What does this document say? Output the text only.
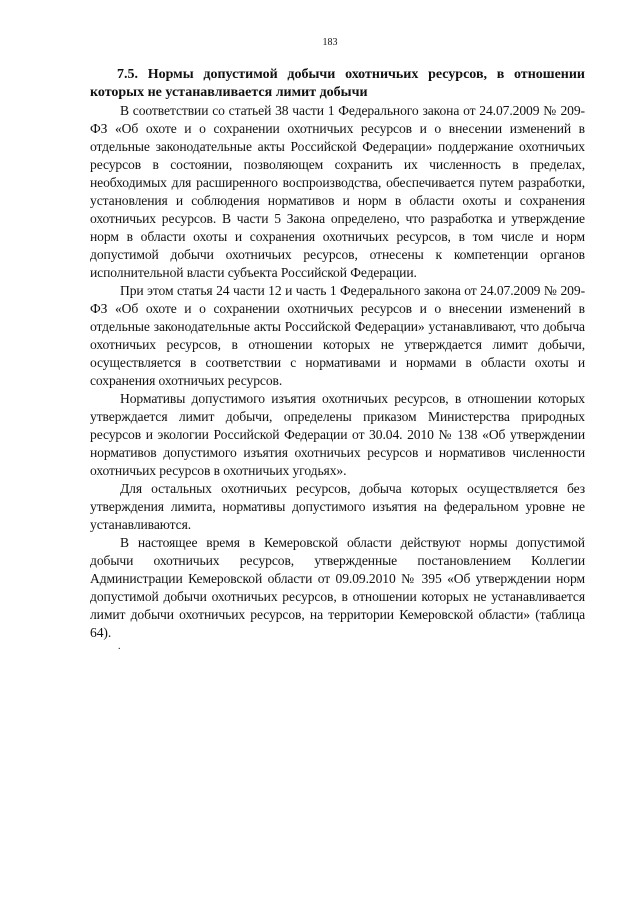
183
7.5. Нормы допустимой добычи охотничьих ресурсов, в отношении которых не устанавливается лимит добычи

В соответствии со статьей 38 части 1 Федерального закона от 24.07.2009 № 209-ФЗ «Об охоте и о сохранении охотничьих ресурсов и о внесении изменений в отдельные законодательные акты Российской Федерации» поддержание охотничьих ресурсов в состоянии, позволяющем сохранить их численность в пределах, необходимых для расширенного воспроизводства, обеспечивается путем разработки, установления и соблюдения нормативов и норм в области охоты и сохранения охотничьих ресурсов. В части 5 Закона определено, что разработка и утверждение норм в области охоты и сохранения охотничьих ресурсов, в том числе и норм допустимой добычи охотничьих ресурсов, отнесены к компетенции органов исполнительной власти субъекта Российской Федерации.

При этом статья 24 части 12 и часть 1 Федерального закона от 24.07.2009 № 209-ФЗ «Об охоте и о сохранении охотничьих ресурсов и о внесении изменений в отдельные законодательные акты Российской Федерации» устанавливают, что добыча охотничьих ресурсов, в отношении которых не утверждается лимит добычи, осуществляется в соответствии с нормативами и нормами в области охоты и сохранения охотничьих ресурсов.

Нормативы допустимого изъятия охотничьих ресурсов, в отношении которых утверждается лимит добычи, определены приказом Министерства природных ресурсов и экологии Российской Федерации от 30.04. 2010 № 138 «Об утверждении нормативов допустимого изъятия охотничьих ресурсов и нормативов численности охотничьих ресурсов в охотничьих угодьях».

Для остальных охотничьих ресурсов, добыча которых осуществляется без утверждения лимита, нормативы допустимого изъятия на федеральном уровне не устанавливаются.

В настоящее время в Кемеровской области действуют нормы допустимой добычи охотничьих ресурсов, утвержденные постановлением Коллегии Администрации Кемеровской области от 09.09.2010 № 395 «Об утверждении норм допустимой добычи охотничьих ресурсов, в отношении которых не устанавливается лимит добычи охотничьих ресурсов, на территории Кемеровской области» (таблица 64).

.
